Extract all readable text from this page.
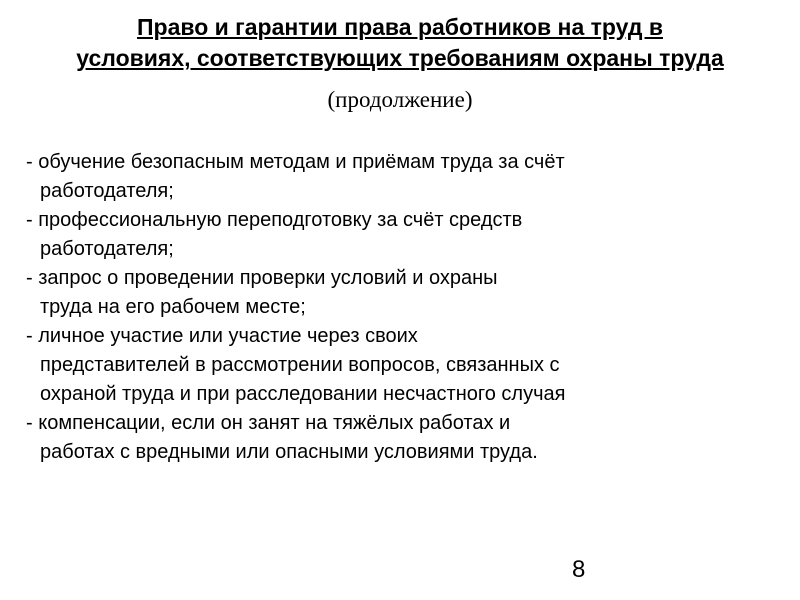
Право и гарантии права работников на труд в
условиях, соответствующих требованиям охраны труда
(продолжение)
- обучение безопасным методам и приёмам труда за счёт
работодателя;
- профессиональную переподготовку за счёт средств
работодателя;
- запрос о проведении проверки условий и охраны
труда на его рабочем месте;
- личное участие или участие через своих
представителей в рассмотрении вопросов, связанных с
охраной труда и при расследовании несчастного случая
- компенсации, если он занят на тяжёлых работах и
работах с вредными или опасными условиями труда.
8
